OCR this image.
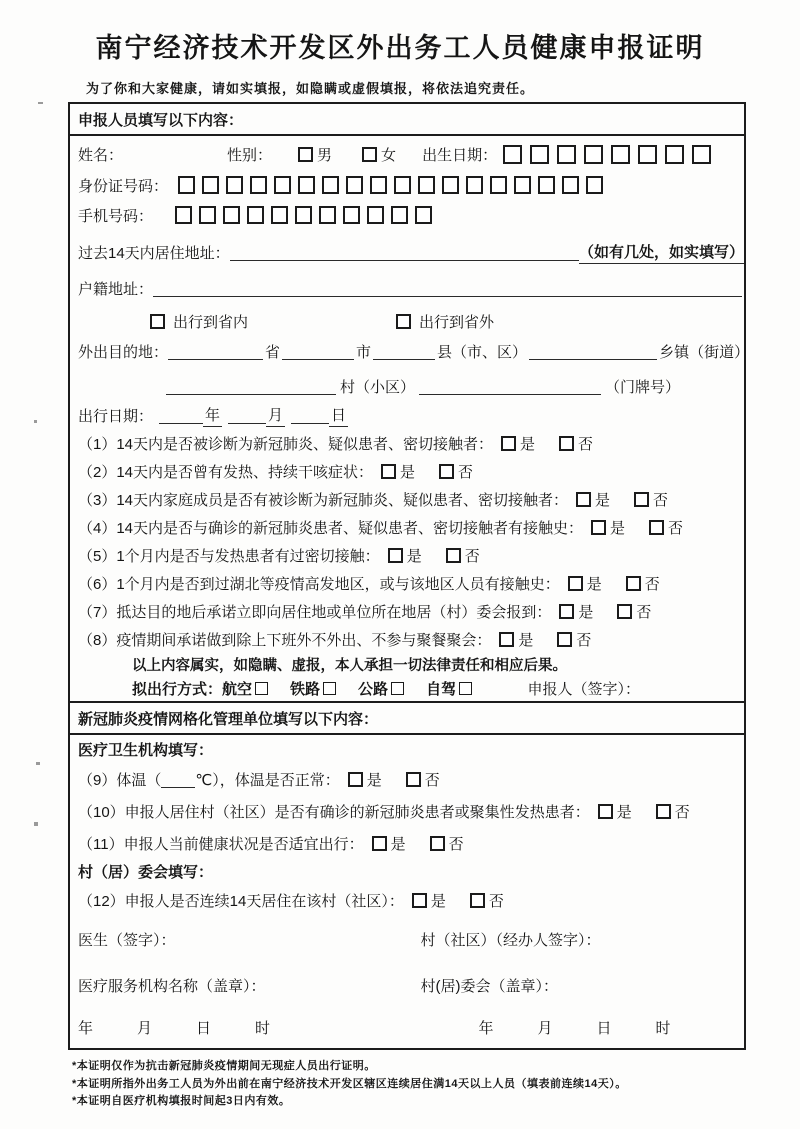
南宁经济技术开发区外出务工人员健康申报证明
为了你和大家健康，请如实填报，如隐瞒或虚假填报，将依法追究责任。
申报人员填写以下内容：
姓名：	性别：	男	女 出生日期：
身份证号码：
手机号码：
过去14天内居住地址：	（如有几处，如实填写）
户籍地址：
出行到省内	出行到省外
外出目的地：	省	市	县（市、区）	乡镇（街道）
村（小区）	（门牌号）
出行日期：	年	月	日
（1）14天内是否被诊断为新冠肺炎、疑似患者、密切接触者： 是	否
（2）14天内是否曾有发热、持续干咳症状： 是	否
（3）14天内家庭成员是否有被诊断为新冠肺炎、疑似患者、密切接触者： 是	否
（4）14天内是否与确诊的新冠肺炎患者、疑似患者、密切接触者有接触史： 是	否
（5）1个月内是否与发热患者有过密切接触： 是	否
（6）1个月内是否到过湖北等疫情高发地区，或与该地区人员有接触史： 是	否
（7）抵达目的地后承诺立即向居住地或单位所在地居（村）委会报到： 是	否
（8）疫情期间承诺做到除上下班外不外出、不参与聚餐聚会： 是	否
以上内容属实，如隐瞒、虚报，本人承担一切法律责任和相应后果。
拟出行方式： 航空	铁路	公路	自驾	申报人（签字）：
新冠肺炎疫情网格化管理单位填写以下内容：
医疗卫生机构填写：
（9）体温（ ℃），体温是否正常： 是	否
（10）申报人居住村（社区）是否有确诊的新冠肺炎患者或聚集性发热患者： 是	否
（11）申报人当前健康状况是否适宜出行： 是	否
村（居）委会填写：
（12）申报人是否连续14天居住在该村（社区）： 是	否
医生（签字）：	村（社区）（经办人签字）：
医疗服务机构名称（盖章）：	村(居)委会（盖章）：
年	月	日	时	年	月	日	时
*本证明仅作为抗击新冠肺炎疫情期间无现症人员出行证明。
*本证明所指外出务工人员为外出前在南宁经济技术开发区辖区连续居住满14天以上人员（填表前连续14天）。
*本证明自医疗机构填报时间起3日内有效。
